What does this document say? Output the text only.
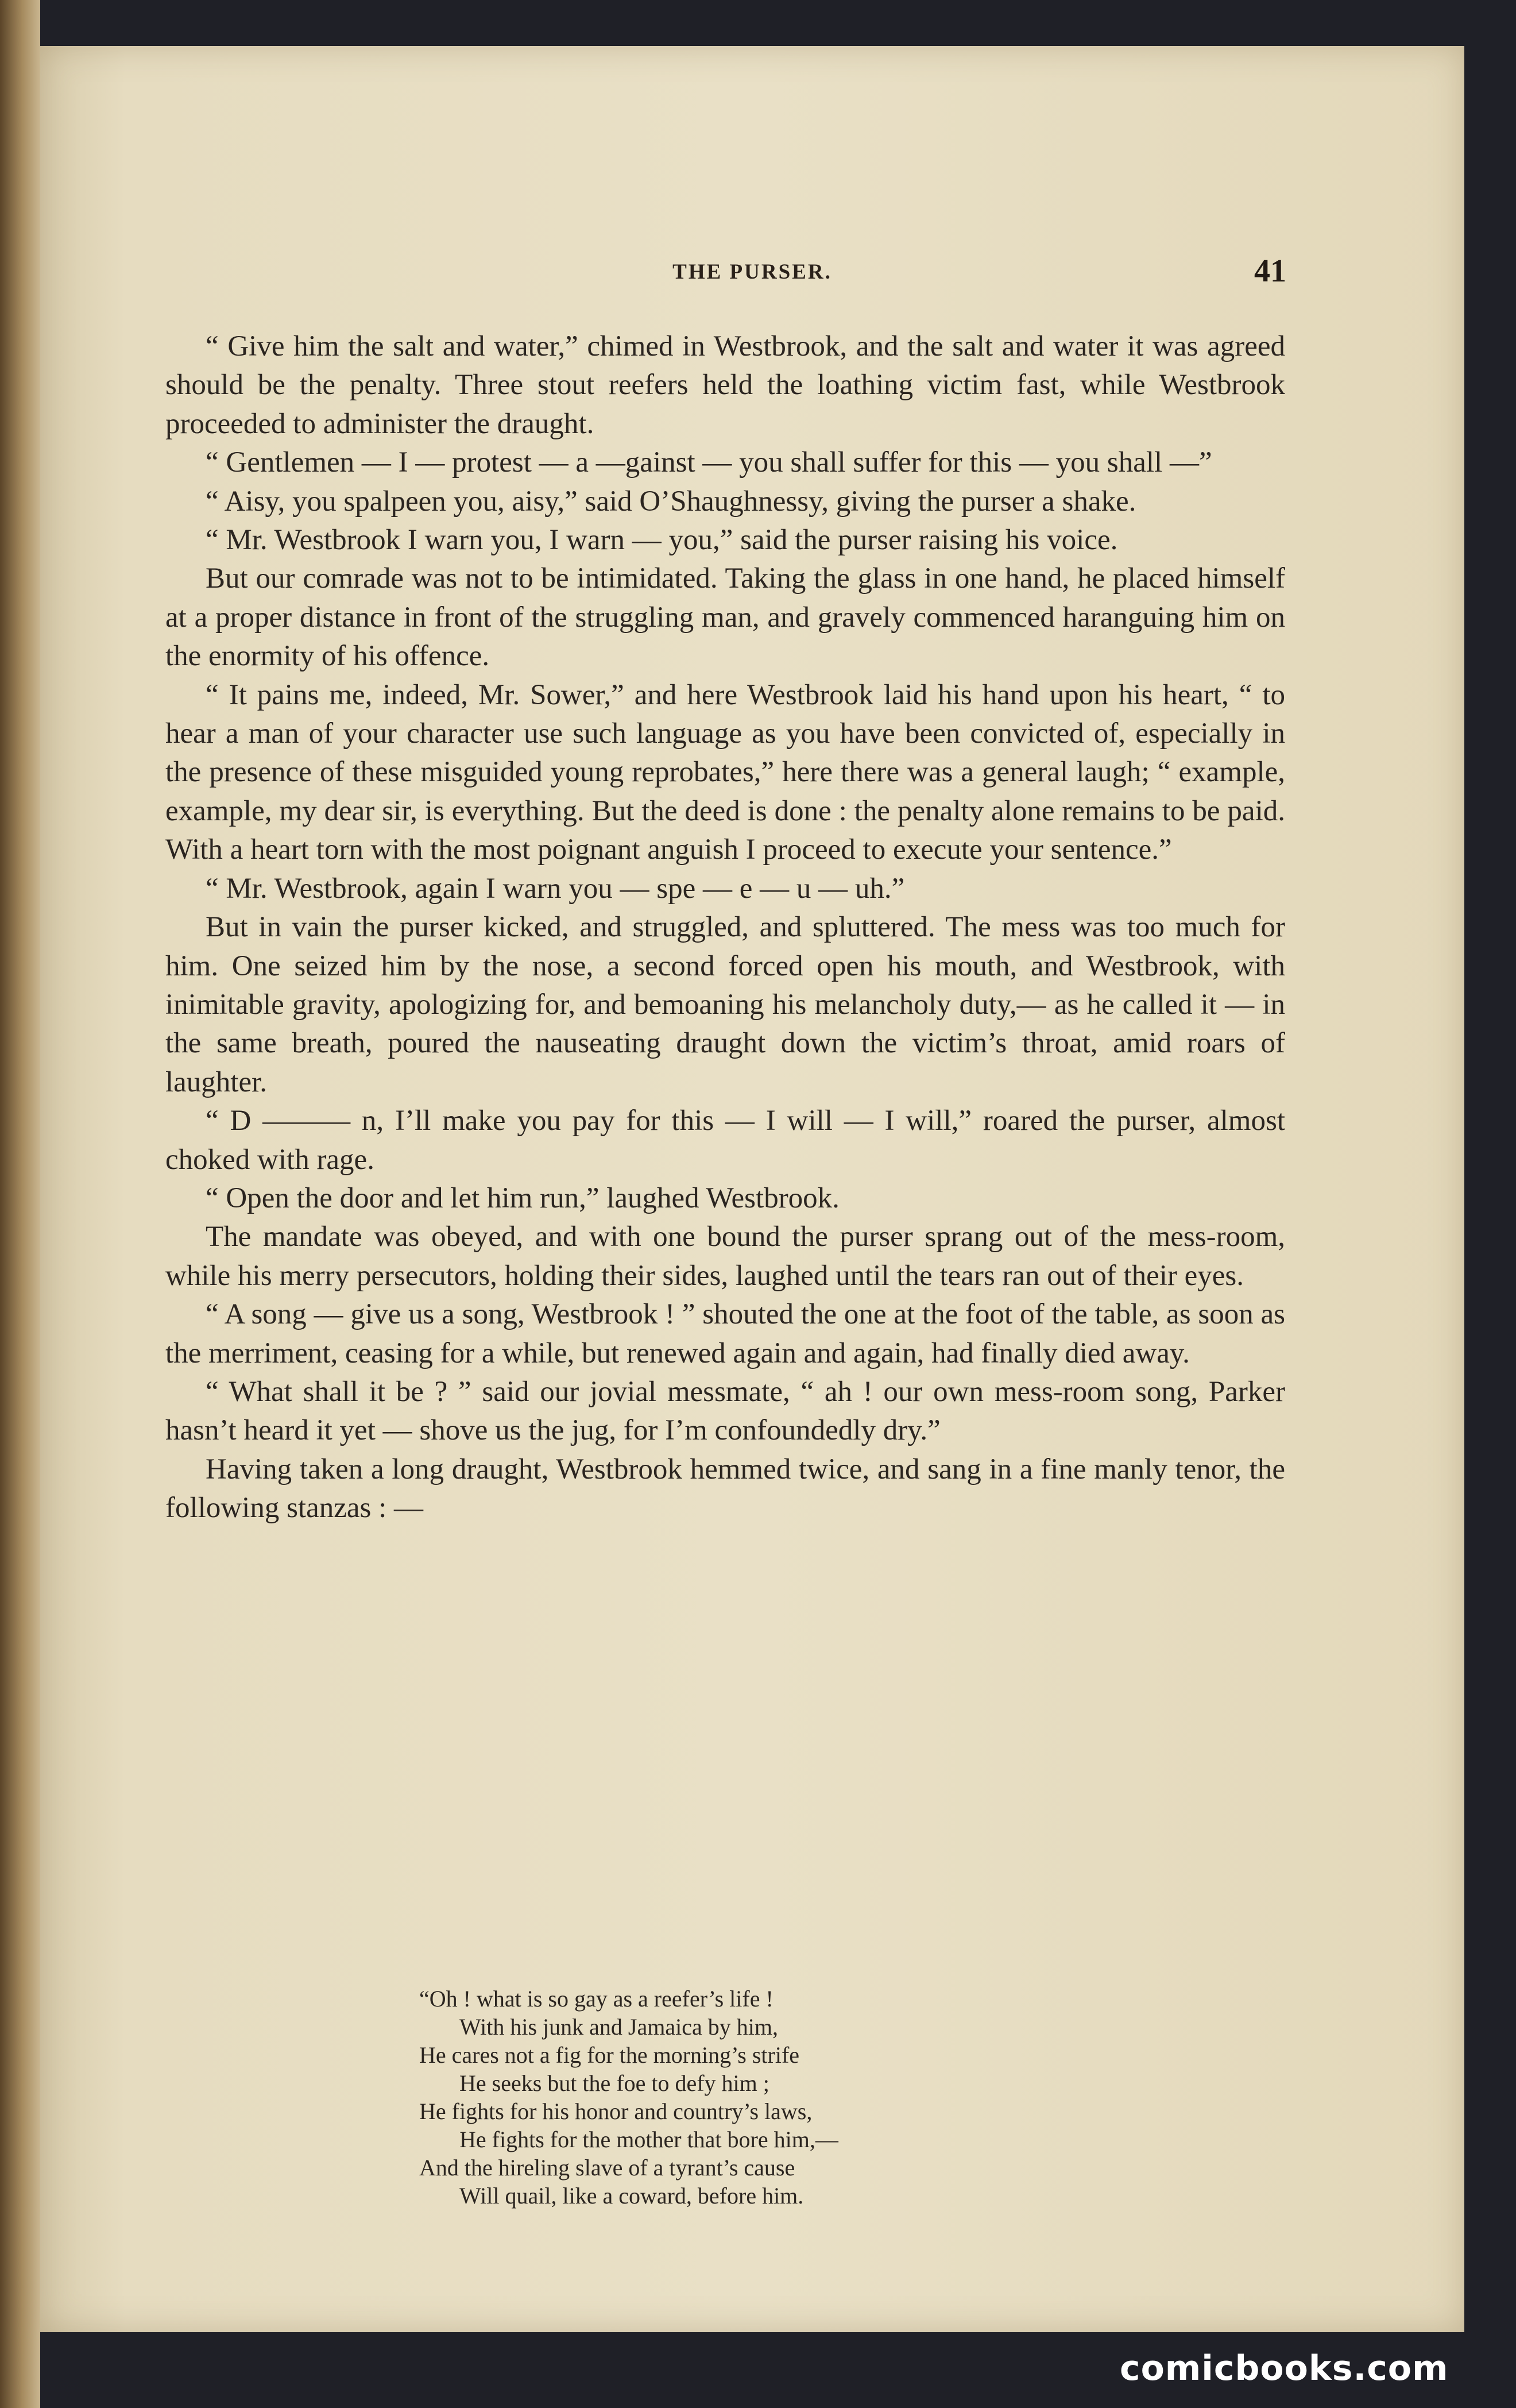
THE PURSER.	41

“ Give him the salt and water,” chimed in Westbrook, and the salt and water it was agreed should be the penalty. Three stout reefers held the loathing victim fast, while Westbrook proceeded to administer the draught.

“ Gentlemen — I — protest — a —gainst — you shall suffer for this — you shall —”

“ Aisy, you spalpeen you, aisy,” said O’Shaughnessy, giving the purser a shake.

“ Mr. Westbrook I warn you, I warn — you,” said the purser raising his voice.

But our comrade was not to be intimidated. Taking the glass in one hand, he placed himself at a proper distance in front of the struggling man, and gravely commenced haranguing him on the enormity of his offence.

“ It pains me, indeed, Mr. Sower,” and here Westbrook laid his hand upon his heart, “ to hear a man of your character use such language as you have been convicted of, especially in the presence of these misguided young reprobates,” here there was a general laugh; “ example, example, my dear sir, is everything. But the deed is done : the penalty alone remains to be paid. With a heart torn with the most poignant anguish I proceed to execute your sentence.”

“ Mr. Westbrook, again I warn you — spe — e — u — uh.”

But in vain the purser kicked, and struggled, and spluttered. The mess was too much for him. One seized him by the nose, a second forced open his mouth, and Westbrook, with inimitable gravity, apologizing for, and bemoaning his melancholy duty,— as he called it — in the same breath, poured the nauseating draught down the victim’s throat, amid roars of laughter.

“ D ——— n, I’ll make you pay for this — I will — I will,” roared the purser, almost choked with rage.

“ Open the door and let him run,” laughed Westbrook.

The mandate was obeyed, and with one bound the purser sprang out of the mess-room, while his merry persecutors, holding their sides, laughed until the tears ran out of their eyes.

“ A song — give us a song, Westbrook ! ” shouted the one at the foot of the table, as soon as the merriment, ceasing for a while, but renewed again and again, had finally died away.

“ What shall it be ? ” said our jovial messmate, “ ah ! our own mess-room song, Parker hasn’t heard it yet — shove us the jug, for I’m confoundedly dry.”

Having taken a long draught, Westbrook hemmed twice, and sang in a fine manly tenor, the following stanzas : —

“Oh ! what is so gay as a reefer’s life !
With his junk and Jamaica by him,
He cares not a fig for the morning’s strife
He seeks but the foe to defy him ;
He fights for his honor and country’s laws,
He fights for the mother that bore him,—
And the hireling slave of a tyrant’s cause
Will quail, like a coward, before him.
comicbooks.com
